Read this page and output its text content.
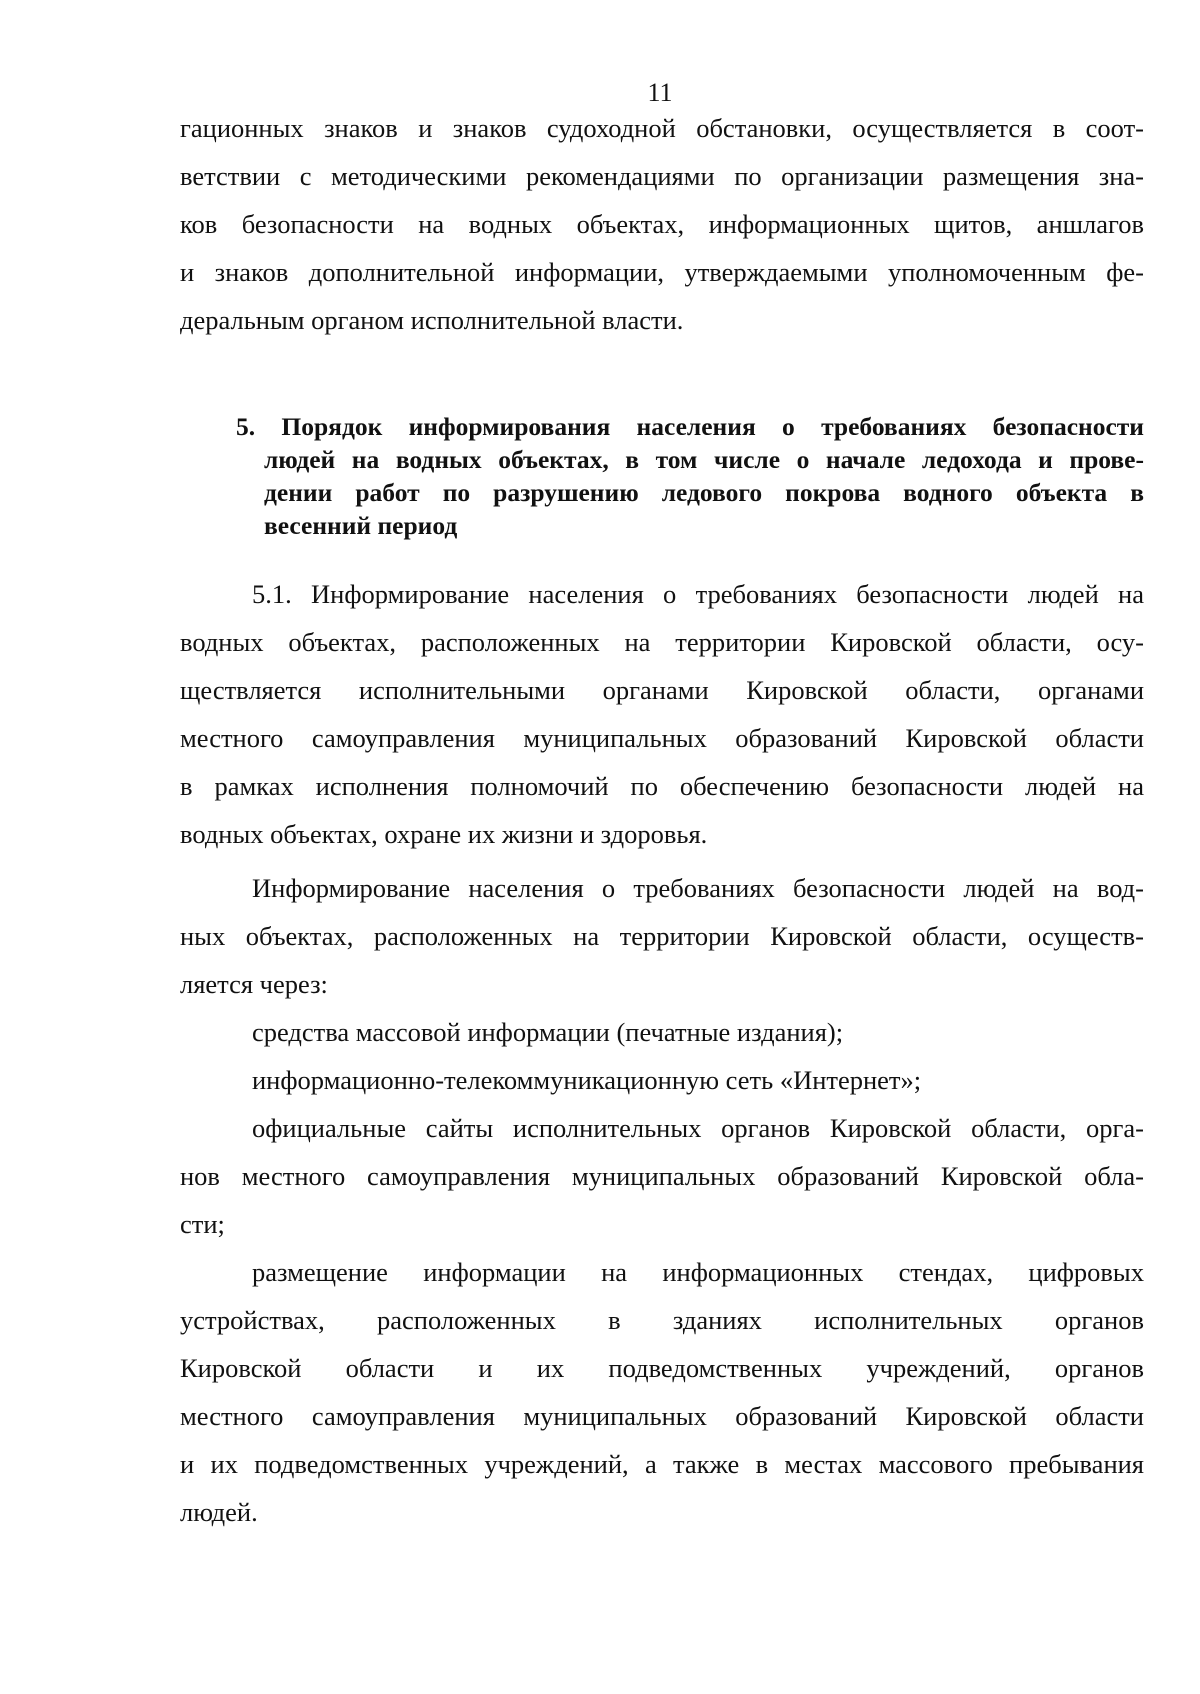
11
гационных знаков и знаков судоходной обстановки, осуществляется в соот-
ветствии с методическими рекомендациями по организации размещения зна-
ков безопасности на водных объектах, информационных щитов, аншлагов
и знаков дополнительной информации, утверждаемыми уполномоченным фе-
деральным органом исполнительной власти.
5. Порядок информирования населения о требованиях безопасности
людей на водных объектах, в том числе о начале ледохода и прове-
дении работ по разрушению ледового покрова водного объекта в
весенний период
5.1. Информирование населения о требованиях безопасности людей на
водных объектах, расположенных на территории Кировской области, осу-
ществляется исполнительными органами Кировской области, органами
местного самоуправления муниципальных образований Кировской области
в рамках исполнения полномочий по обеспечению безопасности людей на
водных объектах, охране их жизни и здоровья.
Информирование населения о требованиях безопасности людей на вод-
ных объектах, расположенных на территории Кировской области, осуществ-
ляется через:
средства массовой информации (печатные издания);
информационно-телекоммуникационную сеть «Интернет»;
официальные сайты исполнительных органов Кировской области, орга-
нов местного самоуправления муниципальных образований Кировской обла-
сти;
размещение информации на информационных стендах, цифровых
устройствах, расположенных в зданиях исполнительных органов
Кировской области и их подведомственных учреждений, органов
местного самоуправления муниципальных образований Кировской области
и их подведомственных учреждений, а также в местах массового пребывания
людей.
